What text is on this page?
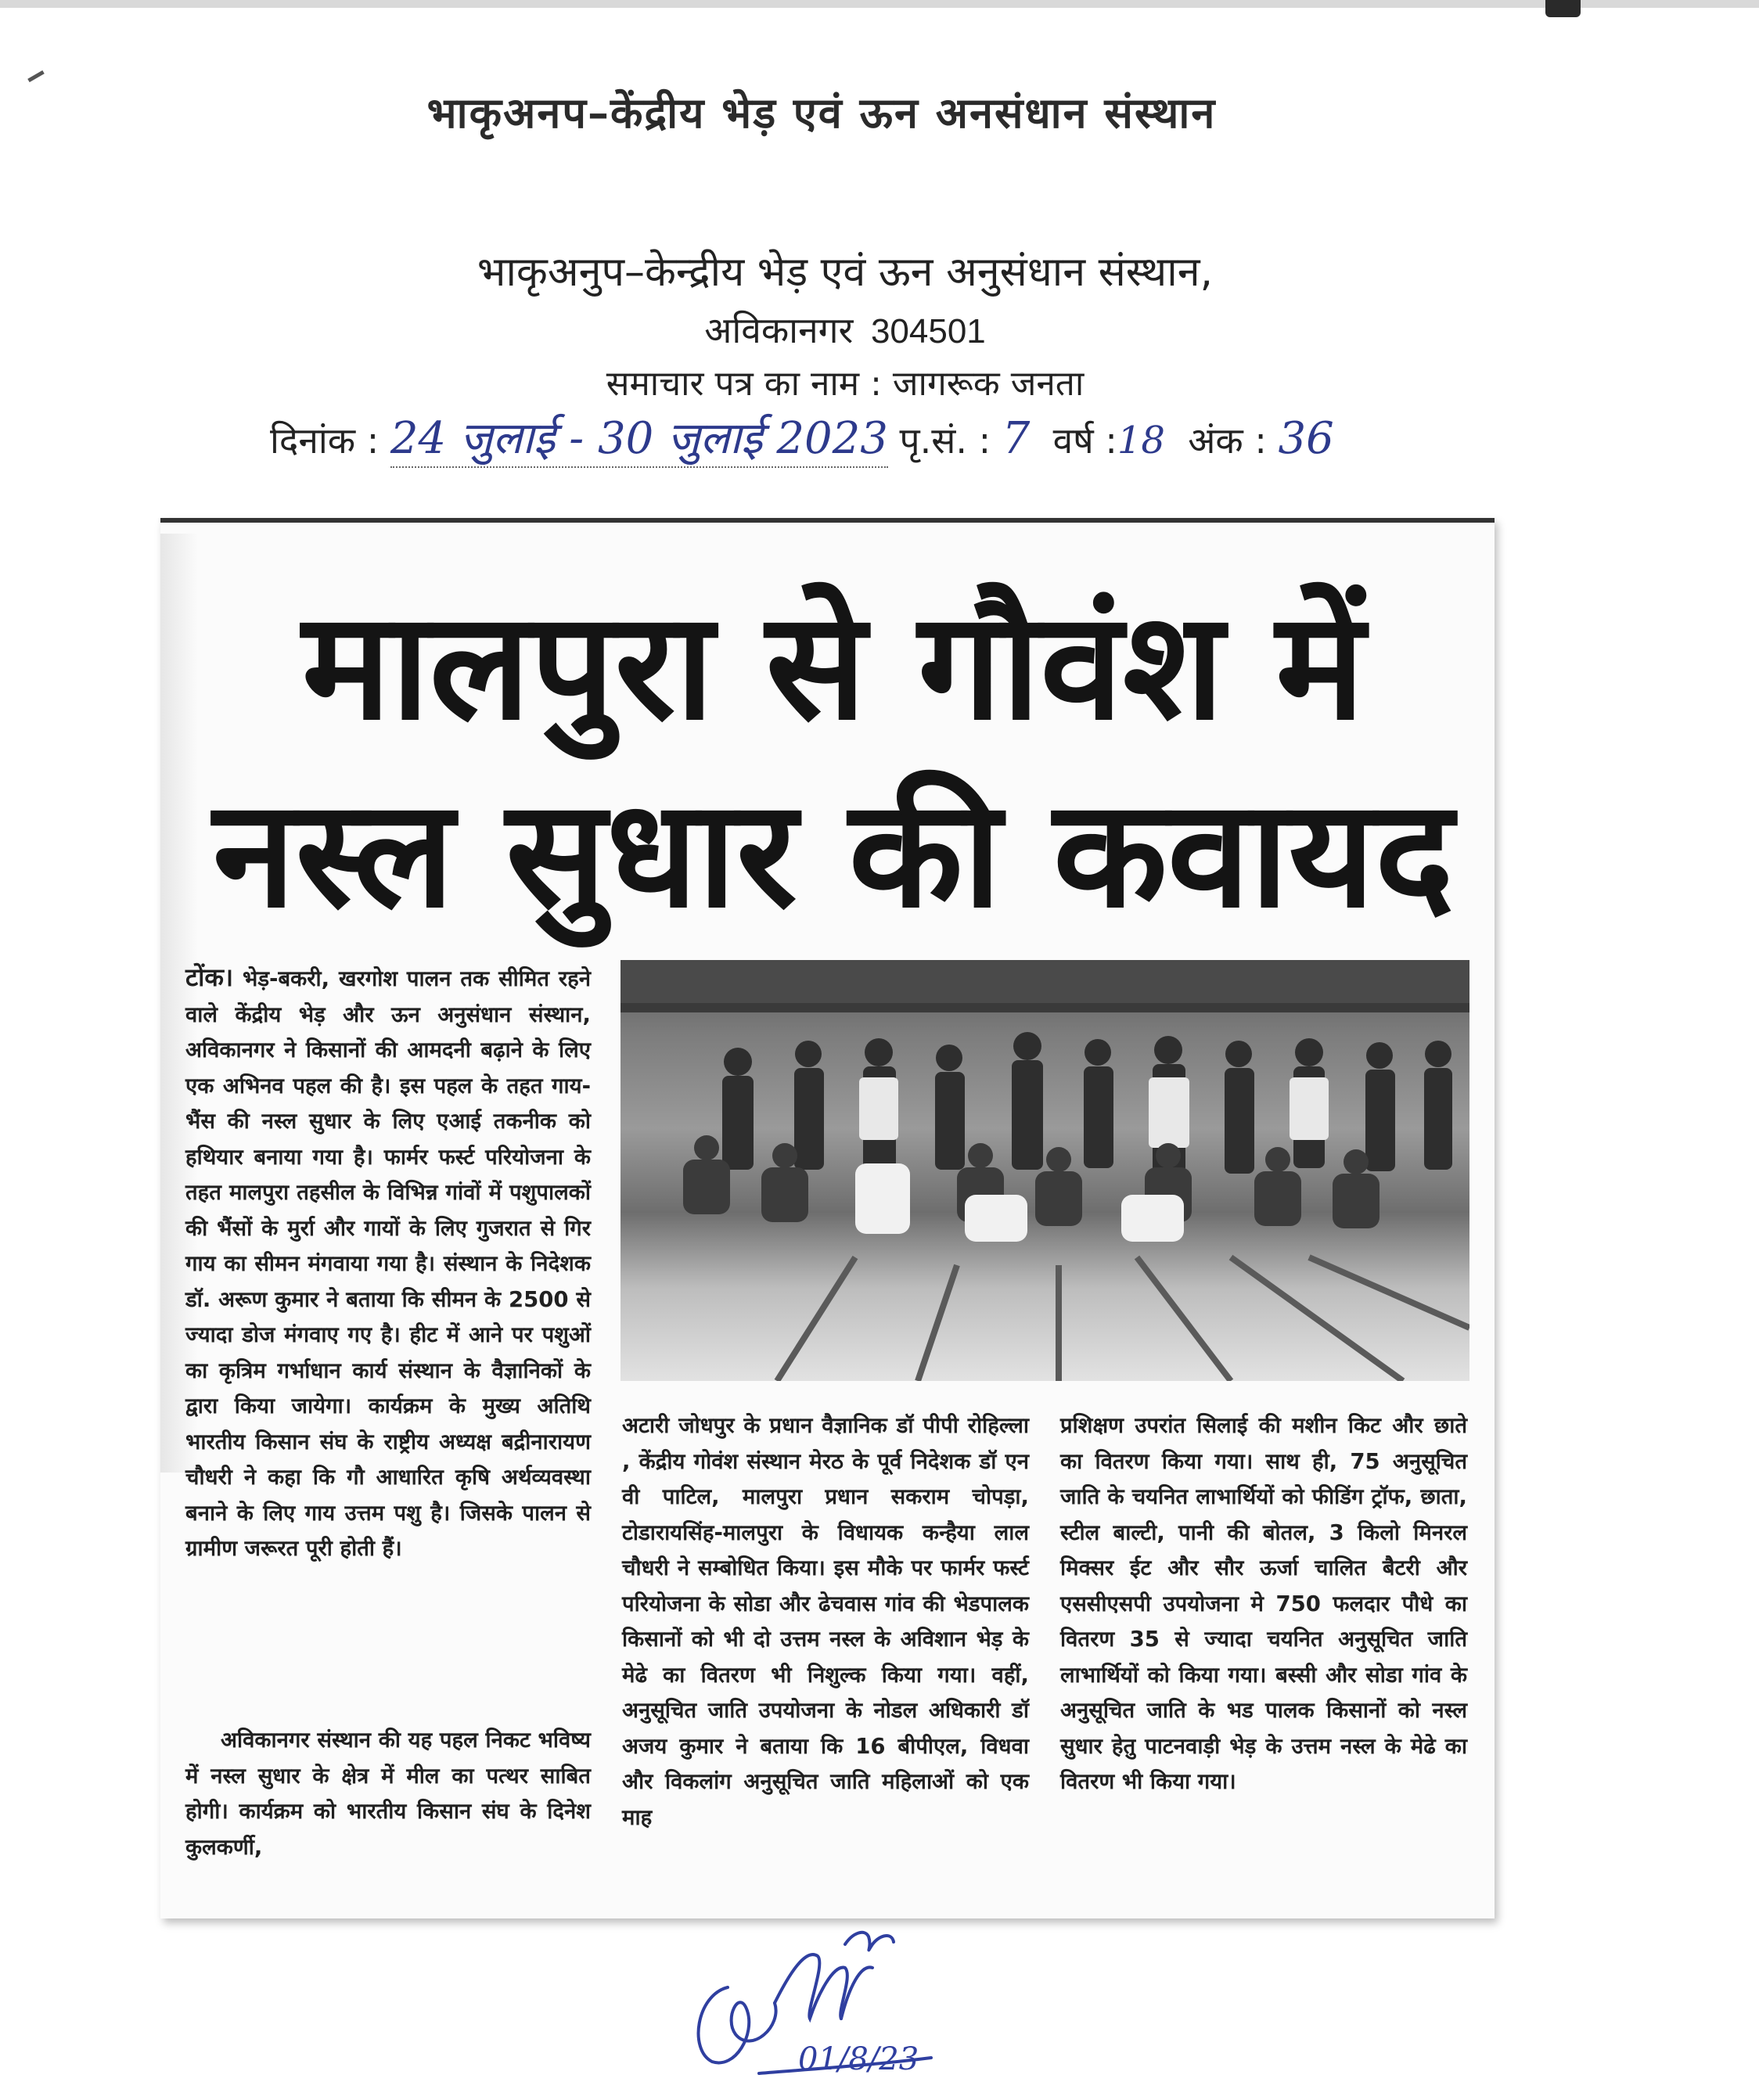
भाकृअनप–केंद्रीय भेड़ एवं ऊन अनसंधान संस्थान
भाकृअनुप–केन्द्रीय भेड़ एवं ऊन अनुसंधान संस्थान,
अविकानगर 304501
समाचार पत्र का नाम : जागरूक जनता
दिनांक : 24 जुलाई - 30 जुलाई 2023 पृ.सं. : 7 वर्ष :18 अंक : 36
मालपुरा से गौवंश में
नस्ल सुधार की कवायद
टोंक। भेड़-बकरी, खरगोश पालन तक सीमित रहने वाले केंद्रीय भेड़ और ऊन अनुसंधान संस्थान, अविकानगर ने किसानों की आमदनी बढ़ाने के लिए एक अभिनव पहल की है। इस पहल के तहत गाय-भैंस की नस्ल सुधार के लिए एआई तकनीक को हथियार बनाया गया है। फार्मर फर्स्ट परियोजना के तहत मालपुरा तहसील के विभिन्न गांवों में पशुपालकों की भैंसों के मुर्रा और गायों के लिए गुजरात से गिर गाय का सीमन मंगवाया गया है। संस्थान के निदेशक डॉ. अरूण कुमार ने बताया कि सीमन के 2500 से ज्यादा डोज मंगवाए गए है। हीट में आने पर पशुओं का कृत्रिम गर्भाधान कार्य संस्थान के वैज्ञानिकों के द्वारा किया जायेगा। कार्यक्रम के मुख्य अतिथि भारतीय किसान संघ के राष्ट्रीय अध्यक्ष बद्रीनारायण चौधरी ने कहा कि गौ आधारित कृषि अर्थव्यवस्था बनाने के लिए गाय उत्तम पशु है। जिसके पालन से ग्रामीण जरूरत पूरी होती हैं।
अविकानगर संस्थान की यह पहल निकट भविष्य में नस्ल सुधार के क्षेत्र में मील का पत्थर साबित होगी। कार्यक्रम को भारतीय किसान संघ के दिनेश कुलकर्णी,
अटारी जोधपुर के प्रधान वैज्ञानिक डॉ पीपी रोहिल्ला , केंद्रीय गोवंश संस्थान मेरठ के पूर्व निदेशक डॉ एन वी पाटिल, मालपुरा प्रधान सकराम चोपड़ा, टोडारायसिंह-मालपुरा के विधायक कन्हैया लाल चौधरी ने सम्बोधित किया। इस मौके पर फार्मर फर्स्ट परियोजना के सोडा और ढेचवास गांव की भेडपालक किसानों को भी दो उत्तम नस्ल के अविशान भेड़ के मेढे का वितरण भी निशुल्क किया गया। वहीं, अनुसूचित जाति उपयोजना के नोडल अधिकारी डॉ अजय कुमार ने बताया कि 16 बीपीएल, विधवा और विकलांग अनुसूचित जाति महिलाओं को एक माह
प्रशिक्षण उपरांत सिलाई की मशीन किट और छाते का वितरण किया गया। साथ ही, 75 अनुसूचित जाति के चयनित लाभार्थियों को फीडिंग ट्रॉफ, छाता, स्टील बाल्टी, पानी की बोतल, 3 किलो मिनरल मिक्सर ईट और सौर ऊर्जा चालित बैटरी और एससीएसपी उपयोजना मे 750 फलदार पौधे का वितरण 35 से ज्यादा चयनित अनुसूचित जाति लाभार्थियों को किया गया। बस्सी और सोडा गांव के अनुसूचित जाति के भड पालक किसानों को नस्ल सुधार हेतु पाटनवाड़ी भेड़ के उत्तम नस्ल के मेढे का वितरण भी किया गया।
01/8/23
